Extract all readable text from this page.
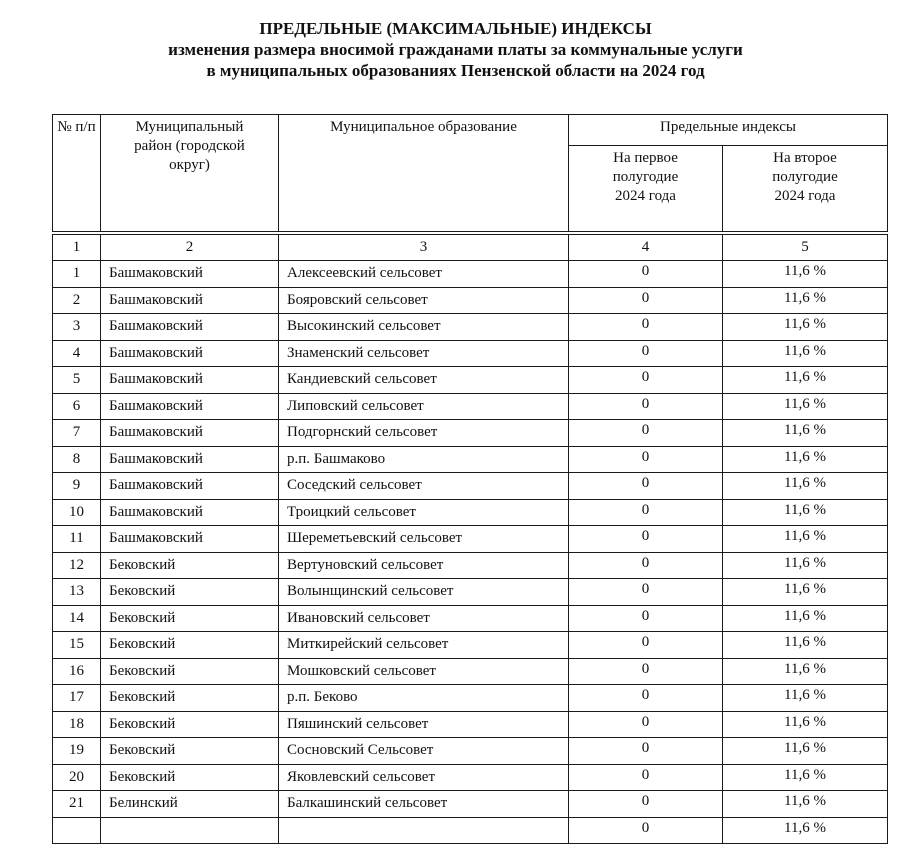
ПРЕДЕЛЬНЫЕ (МАКСИМАЛЬНЫЕ) ИНДЕКСЫ
изменения размера вносимой гражданами платы за коммунальные услуги
в муниципальных образованиях Пензенской области на 2024 год
№ п/п	Муниципальный район (городской округ)	Муниципальное образование	Предельные индексы	
			На первое полугодие 2024 года	На второе полугодие 2024 года
1	2	3	4	5
1	Башмаковский	Алексеевский сельсовет	0	11,6 %
2	Башмаковский	Бояровский сельсовет	0	11,6 %
3	Башмаковский	Высокинский сельсовет	0	11,6 %
4	Башмаковский	Знаменский сельсовет	0	11,6 %
5	Башмаковский	Кандиевский сельсовет	0	11,6 %
6	Башмаковский	Липовский сельсовет	0	11,6 %
7	Башмаковский	Подгорнский сельсовет	0	11,6 %
8	Башмаковский	р.п. Башмаково	0	11,6 %
9	Башмаковский	Соседский сельсовет	0	11,6 %
10	Башмаковский	Троицкий сельсовет	0	11,6 %
11	Башмаковский	Шереметьевский сельсовет	0	11,6 %
12	Бековский	Вертуновский сельсовет	0	11,6 %
13	Бековский	Волынщинский сельсовет	0	11,6 %
14	Бековский	Ивановский сельсовет	0	11,6 %
15	Бековский	Миткирейский сельсовет	0	11,6 %
16	Бековский	Мошковский сельсовет	0	11,6 %
17	Бековский	р.п. Беково	0	11,6 %
18	Бековский	Пяшинский сельсовет	0	11,6 %
19	Бековский	Сосновский Сельсовет	0	11,6 %
20	Бековский	Яковлевский сельсовет	0	11,6 %
21	Белинский	Балкашинский сельсовет	0	11,6 %
			0	11,6 %
